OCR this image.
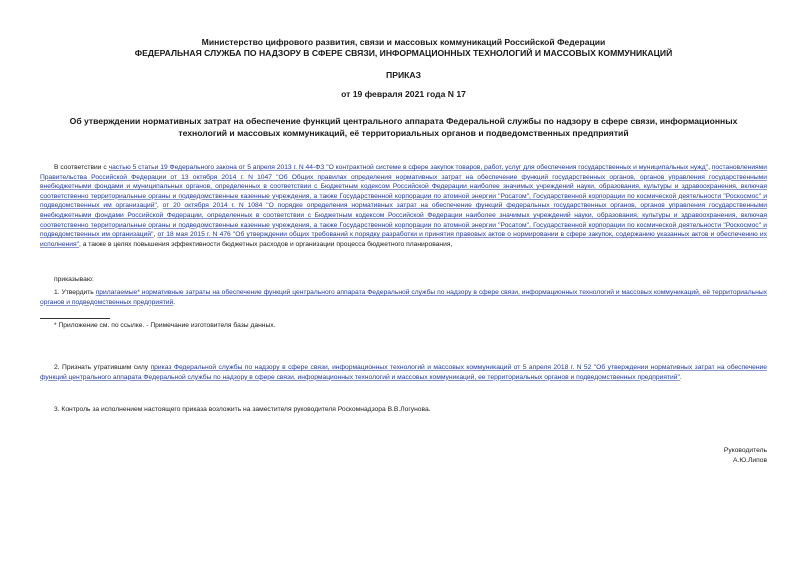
Министерство цифрового развития, связи и массовых коммуникаций Российской Федерации
ФЕДЕРАЛЬНАЯ СЛУЖБА ПО НАДЗОРУ В СФЕРЕ СВЯЗИ, ИНФОРМАЦИОННЫХ ТЕХНОЛОГИЙ И МАССОВЫХ КОММУНИКАЦИЙ
ПРИКАЗ
от 19 февраля 2021 года N 17
Об утверждении нормативных затрат на обеспечение функций центрального аппарата Федеральной службы по надзору в сфере связи, информационных технологий и массовых коммуникаций, её территориальных органов и подведомственных предприятий
В соответствии с частью 5 статьи 19 Федерального закона от 5 апреля 2013 г. N 44-ФЗ "О контрактной системе в сфере закупок товаров, работ, услуг для обеспечения государственных и муниципальных нужд", постановлениями Правительства Российской Федерации от 13 октября 2014 г. N 1047 "Об Общих правилах определения нормативных затрат на обеспечение функций государственных органов, органов управления государственными внебюджетными фондами и муниципальных органов, определенных в соответствии с Бюджетным кодексом Российской Федерации наиболее значимых учреждений науки, образования, культуры и здравоохранения, включая соответственно территориальные органы и подведомственные казенные учреждения, а также Государственной корпорации по атомной энергии "Росатом", Государственной корпорации по космической деятельности "Роскосмос" и подведомственных им организаций", от 20 октября 2014 г. N 1084 "О порядке определения нормативных затрат на обеспечение функций федеральных государственных органов, органов управления государственными внебюджетными фондами Российской Федерации, определенных в соответствии с Бюджетным кодексом Российской Федерации наиболее значимых учреждений науки, образования, культуры и здравоохранения, включая соответственно территориальные органы и подведомственные казенные учреждения, а также Государственной корпорации по атомной энергии "Росатом", Государственной корпорации по космической деятельности "Роскосмос" и подведомственных им организаций", от 18 мая 2015 г. N 476 "Об утверждении общих требований к порядку разработки и принятия правовых актов о нормировании в сфере закупок, содержанию указанных актов и обеспечению их исполнения", а также в целях повышения эффективности бюджетных расходов и организации процесса бюджетного планирования,
приказываю:
1. Утвердить прилагаемые* нормативные затраты на обеспечение функций центрального аппарата Федеральной службы по надзору в сфере связи, информационных технологий и массовых коммуникаций, её территориальных органов и подведомственных предприятий.
* Приложение см. по ссылке. - Примечание изготовителя базы данных.
2. Признать утратившим силу приказ Федеральной службы по надзору в сфере связи, информационных технологий и массовых коммуникаций от 5 апреля 2018 г. N 52 "Об утверждении нормативных затрат на обеспечение функций центрального аппарата Федеральной службы по надзору в сфере связи, информационных технологий и массовых коммуникаций, ее территориальных органов и подведомственных предприятий".
3. Контроль за исполнением настоящего приказа возложить на заместителя руководителя Роскомнадзора В.В.Логунова.
Руководитель
А.Ю.Липов
